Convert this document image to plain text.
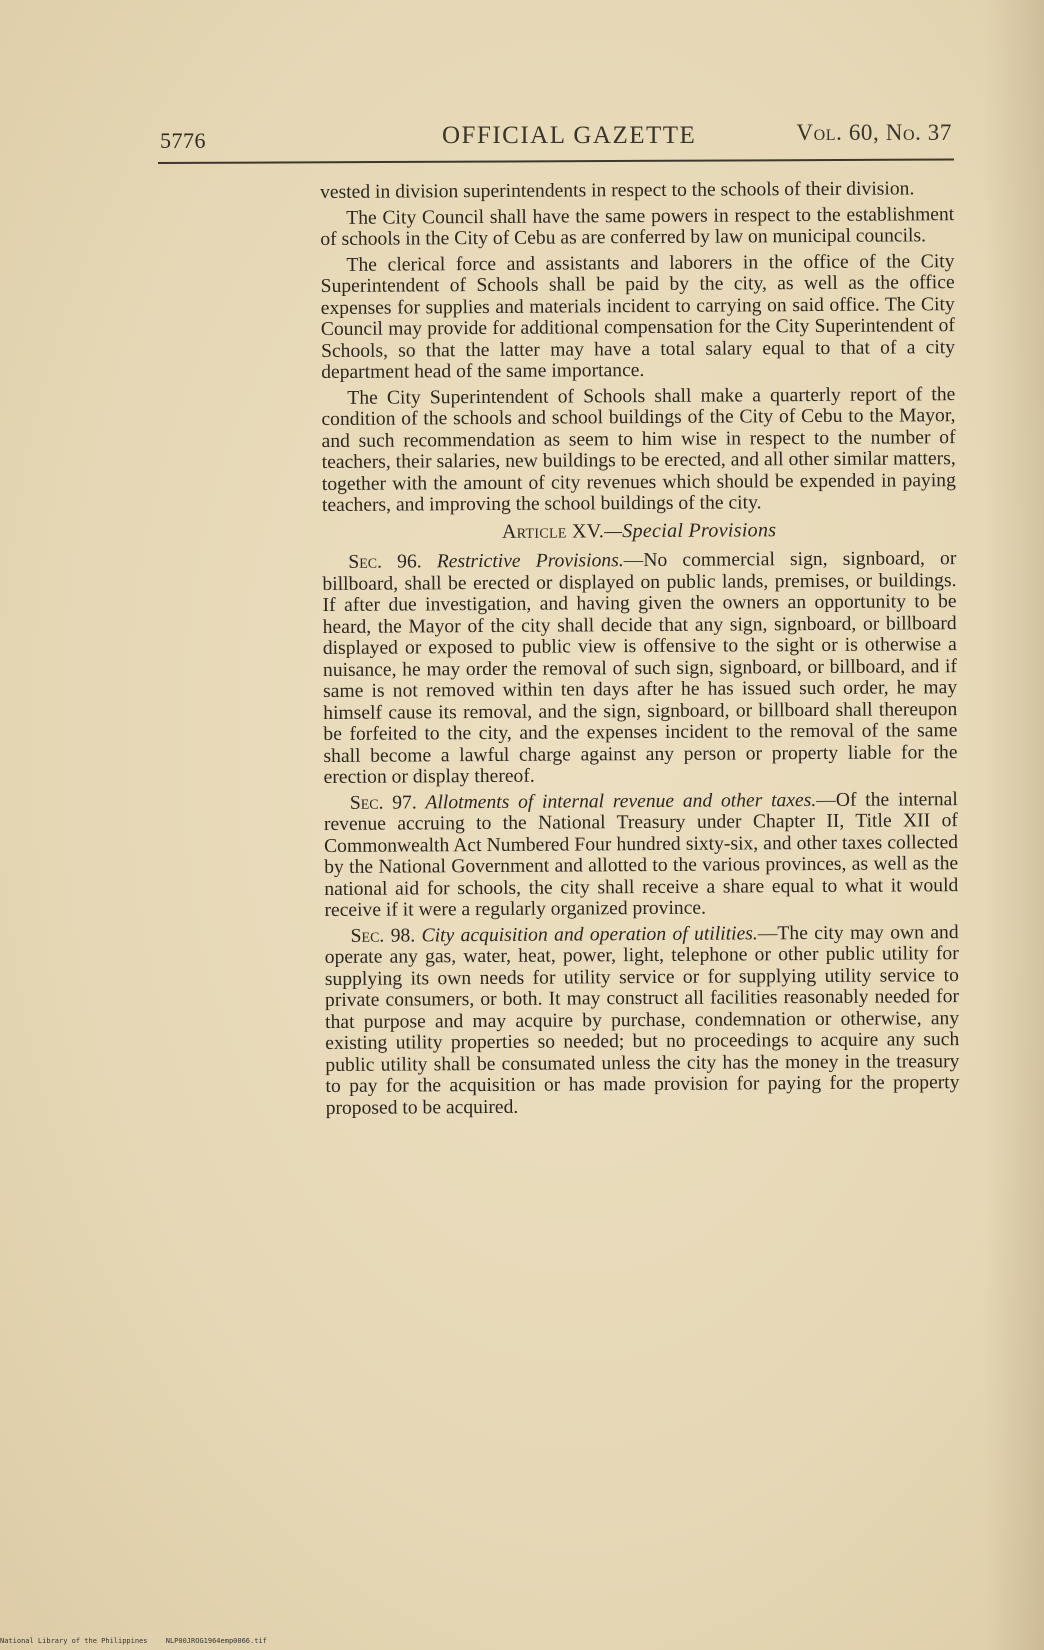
5776	OFFICIAL GAZETTE	Vol. 60, No. 37

vested in division superintendents in respect to the schools of their division.

The City Council shall have the same powers in respect to the establishment of schools in the City of Cebu as are conferred by law on municipal councils.

The clerical force and assistants and laborers in the office of the City Superintendent of Schools shall be paid by the city, as well as the office expenses for supplies and materials incident to carrying on said office. The City Council may provide for additional compensation for the City Superintendent of Schools, so that the latter may have a total salary equal to that of a city department head of the same importance.

The City Superintendent of Schools shall make a quarterly report of the condition of the schools and school buildings of the City of Cebu to the Mayor, and such recommendation as seem to him wise in respect to the number of teachers, their salaries, new buildings to be erected, and all other similar matters, together with the amount of city revenues which should be expended in paying teachers, and improving the school buildings of the city.

Article XV.—Special Provisions

Sec. 96. Restrictive Provisions.—No commercial sign, signboard, or billboard, shall be erected or displayed on public lands, premises, or buildings. If after due investigation, and having given the owners an opportunity to be heard, the Mayor of the city shall decide that any sign, signboard, or billboard displayed or exposed to public view is offensive to the sight or is otherwise a nuisance, he may order the removal of such sign, signboard, or billboard, and if same is not removed within ten days after he has issued such order, he may himself cause its removal, and the sign, signboard, or billboard shall thereupon be forfeited to the city, and the expenses incident to the removal of the same shall become a lawful charge against any person or property liable for the erection or display thereof.

Sec. 97. Allotments of internal revenue and other taxes.—Of the internal revenue accruing to the National Treasury under Chapter II, Title XII of Commonwealth Act Numbered Four hundred sixty-six, and other taxes collected by the National Government and allotted to the various provinces, as well as the national aid for schools, the city shall receive a share equal to what it would receive if it were a regularly organized province.

Sec. 98. City acquisition and operation of utilities.—The city may own and operate any gas, water, heat, power, light, telephone or other public utility for supplying its own needs for utility service or for supplying utility service to private consumers, or both. It may construct all facilities reasonably needed for that purpose and may acquire by purchase, condemnation or otherwise, any existing utility properties so needed; but no proceedings to acquire any such public utility shall be consumated unless the city has the money in the treasury to pay for the acquisition or has made provision for paying for the property proposed to be acquired.

National Library of the Philippines	NLP00JROG1964emp0066.tif
